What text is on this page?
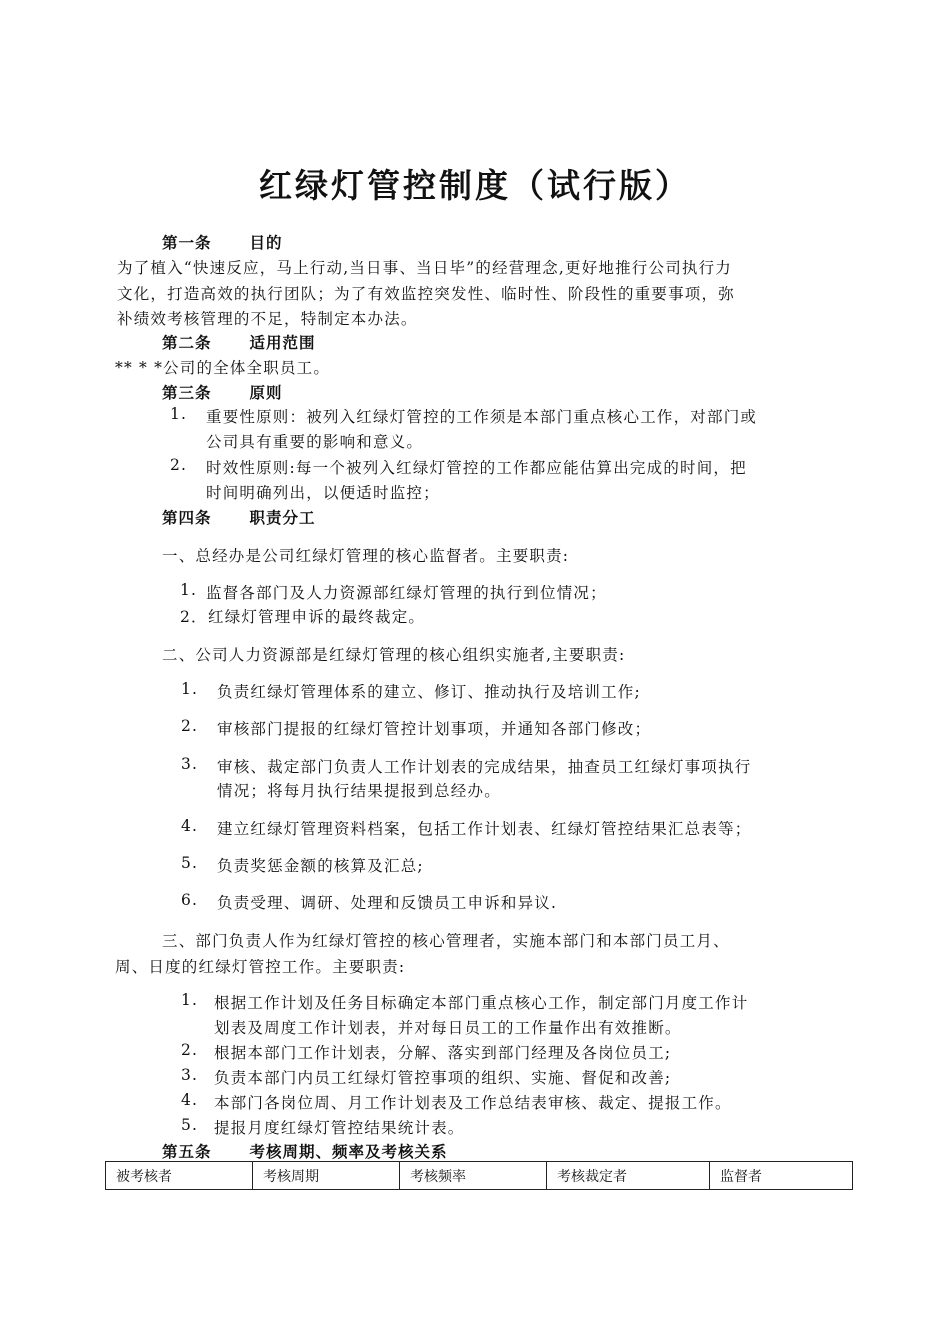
红绿灯管控制度（试行版）
第一条 目的
为了植入“快速反应，马上行动,当日事、当日毕”的经营理念,更好地推行公司执行力
文化，打造高效的执行团队；为了有效监控突发性、临时性、阶段性的重要事项，弥
补绩效考核管理的不足，特制定本办法。
第二条 适用范围
** * *公司的全体全职员工。
第三条 原则
1. 重要性原则：被列入红绿灯管控的工作须是本部门重点核心工作，对部门或
公司具有重要的影响和意义。
2. 时效性原则:每一个被列入红绿灯管控的工作都应能估算出完成的时间，把
时间明确列出，以便适时监控；
第四条 职责分工
一、总经办是公司红绿灯管理的核心监督者。主要职责:
1. 监督各部门及人力资源部红绿灯管理的执行到位情况；
2． 红绿灯管理申诉的最终裁定。
二、公司人力资源部是红绿灯管理的核心组织实施者,主要职责:
1. 负责红绿灯管理体系的建立、修订、推动执行及培训工作;
2. 审核部门提报的红绿灯管控计划事项，并通知各部门修改；
3. 审核、裁定部门负责人工作计划表的完成结果，抽查员工红绿灯事项执行
情况；将每月执行结果提报到总经办。
4. 建立红绿灯管理资料档案，包括工作计划表、红绿灯管控结果汇总表等；
5. 负责奖惩金额的核算及汇总;
6. 负责受理、调研、处理和反馈员工申诉和异议.
三、部门负责人作为红绿灯管控的核心管理者，实施本部门和本部门员工月、
周、日度的红绿灯管控工作。主要职责:
1. 根据工作计划及任务目标确定本部门重点核心工作，制定部门月度工作计
划表及周度工作计划表，并对每日员工的工作量作出有效推断。
2. 根据本部门工作计划表，分解、落实到部门经理及各岗位员工;
3. 负责本部门内员工红绿灯管控事项的组织、实施、督促和改善;
4. 本部门各岗位周、月工作计划表及工作总结表审核、裁定、提报工作。
5. 提报月度红绿灯管控结果统计表。
第五条 考核周期、频率及考核关系
被考核者	考核周期	考核频率	考核裁定者	监督者
